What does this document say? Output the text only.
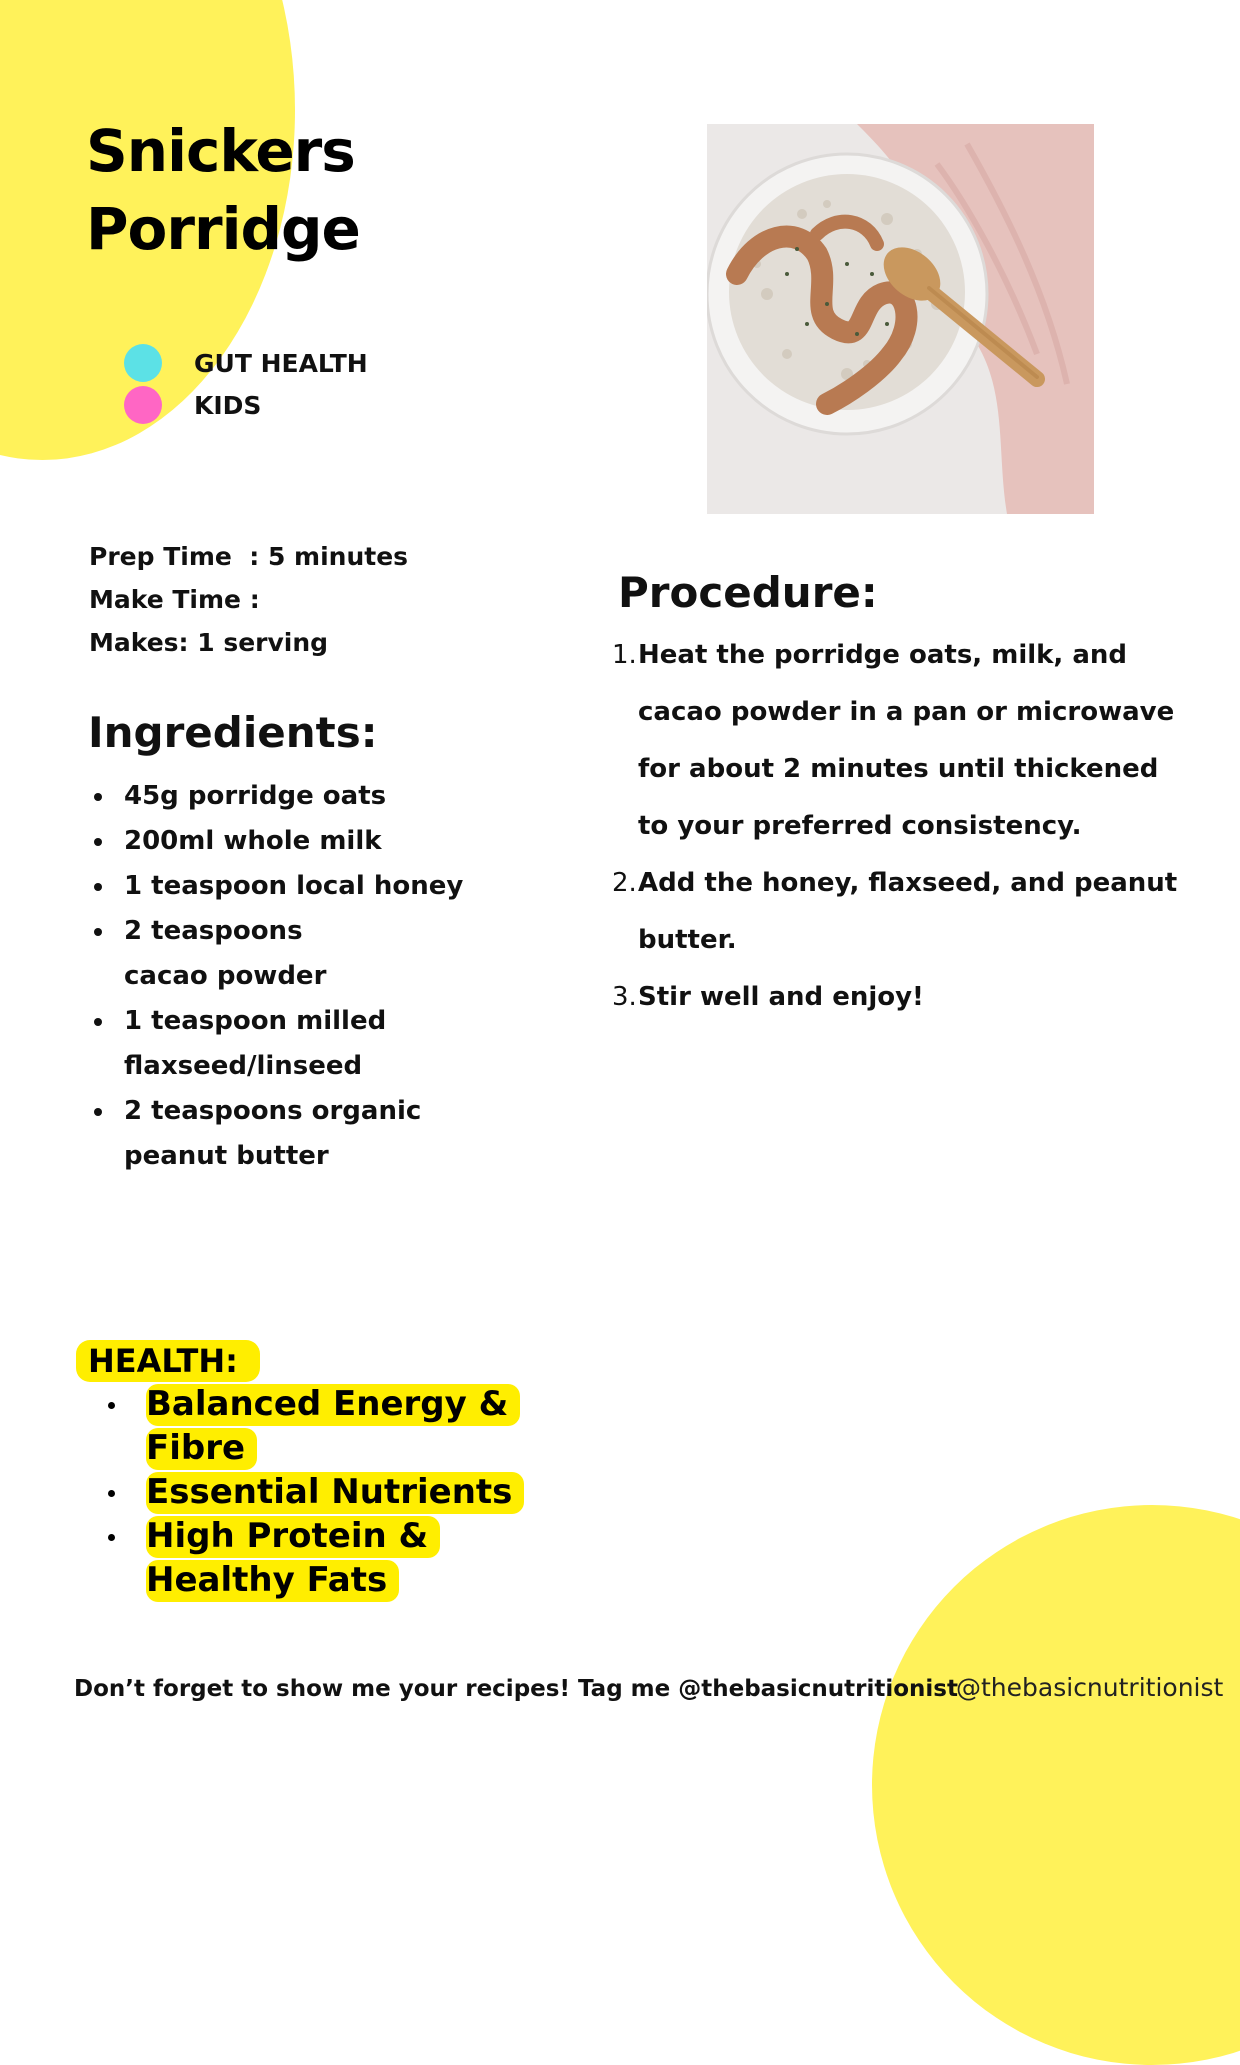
Snickers
Porridge
GUT HEALTH
KIDS
Prep Time  : 5 minutes
Make Time :
Makes: 1 serving
Ingredients:
45g porridge oats
200ml whole milk
1 teaspoon local honey
2 teaspoons cacao powder
1 teaspoon milled flaxseed/linseed
2 teaspoons organic peanut butter
Procedure:
1. Heat the porridge oats, milk, and cacao powder in a pan or microwave for about 2 minutes until thickened to your preferred consistency.
2. Add the honey, flaxseed, and peanut butter.
3. Stir well and enjoy!
HEALTH:
Balanced Energy & Fibre
Essential Nutrients
High Protein & Healthy Fats
Don’t forget to show me your recipes! Tag me @thebasicnutritionist
@thebasicnutritionist
